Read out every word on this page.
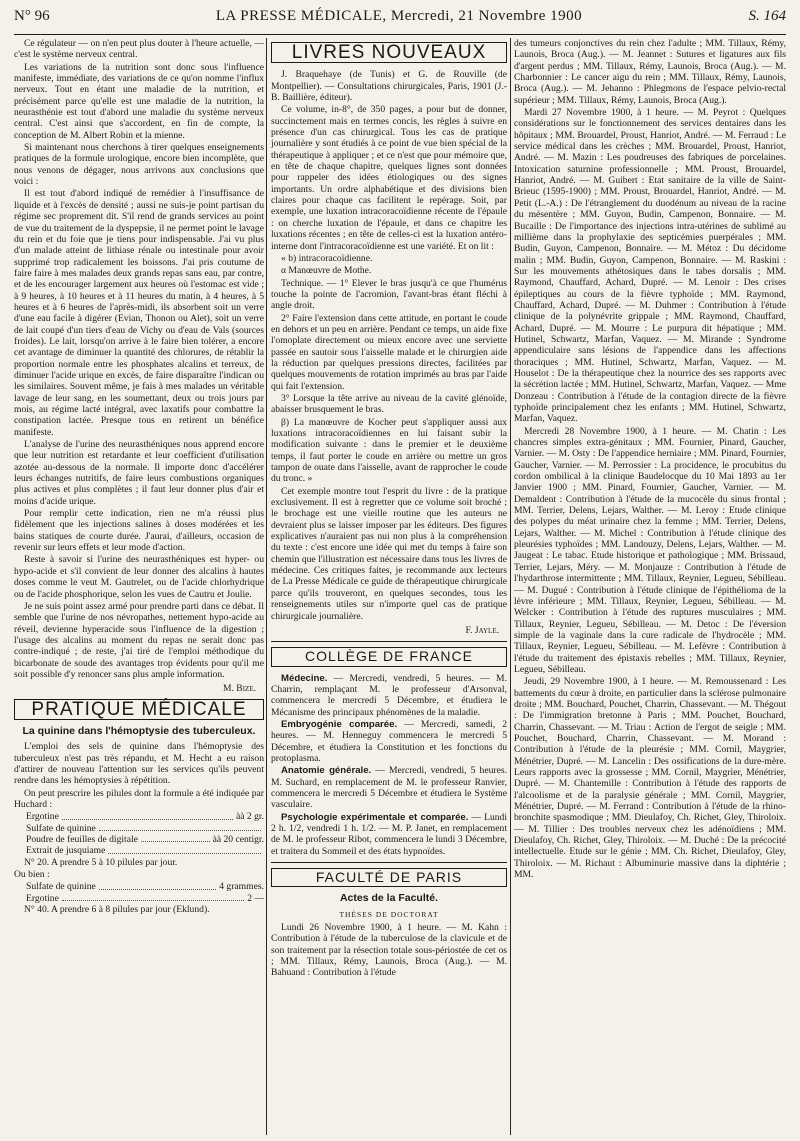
N° 96	LA PRESSE MÉDICALE, Mercredi, 21 Novembre 1900	S. 164

Ce régulateur — on n'en peut plus douter à l'heure actuelle, — c'est le système nerveux central.

Les variations de la nutrition sont donc sous l'influence manifeste, immédiate, des variations de ce qu'on nomme l'influx nerveux. Tout en étant une maladie de la nutrition, et précisément parce qu'elle est une maladie de la nutrition, la neurasthénie est tout d'abord une maladie du système nerveux central. C'est ainsi que s'accordent, en fin de compte, la conception de M. Albert Robin et la mienne.

Si maintenant nous cherchons à tirer quelques enseignements pratiques de la formule urologique, encore bien incomplète, que nous venons de dégager, nous arrivons aux conclusions que voici :

Il est tout d'abord indiqué de remédier à l'insuffisance de liquide et à l'excès de densité ; aussi ne suis-je point partisan du régime sec proprement dit. S'il rend de grands services au point de vue du traitement de la dyspepsie, il ne permet point le lavage du rein et du foie que je tiens pour indispensable. J'ai vu plus d'un malade atteint de lithiase rénale ou intestinale pour avoir supprimé trop radicalement les boissons. J'ai pris coutume de faire faire à mes malades deux grands repas sans eau, par contre, et de les encourager largement aux heures où l'estomac est vide ; à 9 heures, à 10 heures et à 11 heures du matin, à 4 heures, à 5 heures et à 6 heures de l'après-midi, ils absorbent soit un verre d'une eau facile à digérer (Evian, Thonon ou Alet), soit un verre de lait coupé d'un tiers d'eau de Vichy ou d'eau de Vals (sources froides). Le lait, lorsqu'on arrive à le faire bien tolérer, a encore cet avantage de diminuer la quantité des chlorures, de rétablir la proportion normale entre les phosphates alcalins et terreux, de diminuer l'acide urique en excès, de faire disparaître l'indican ou les similaires. Souvent même, je fais à mes malades un véritable lavage de leur sang, en les soumettant, deux ou trois jours par mois, au régime lacté intégral, avec laxatifs pour combattre la constipation lactée. Presque tous en retirent un bénéfice manifeste.

L'analyse de l'urine des neurasthéniques nous apprend encore que leur nutrition est retardante et leur coefficient d'utilisation azotée au-dessous de la normale. Il importe donc d'accélérer leurs échanges nutritifs, de faire leurs combustions organiques plus actives et plus complètes ; il faut leur donner plus d'air et moins d'acide urique.

Pour remplir cette indication, rien ne m'a réussi plus fidèlement que les injections salines à doses modérées et les bains statiques de courte durée. J'aurai, d'ailleurs, occasion de revenir sur leurs effets et leur mode d'action.

Reste à savoir si l'urine des neurasthéniques est hyper- ou hypo-acide et s'il convient de leur donner des alcalins à hautes doses comme le veut M. Gautrelet, ou de l'acide chlorhydrique ou de l'acide phosphorique, selon les vues de Cautru et Joulie.

Je ne suis point assez armé pour prendre parti dans ce débat. Il semble que l'urine de nos névropathes, nettement hypo-acide au réveil, devienne hyperacide sous l'influence de la digestion ; l'usage des alcalins au moment du repas ne serait donc pas contre-indiqué ; de reste, j'ai tiré de l'emploi méthodique du bicarbonate de soude des avantages trop évidents pour qu'il me soit possible d'y renoncer sans plus ample information.

M. Bize.
PRATIQUE MÉDICALE
La quinine dans l'hémoptysie des tuberculeux.

L'emploi des sels de quinine dans l'hémoptysie des tuberculeux n'est pas très répandu, et M. Hecht a eu raison d'attirer de nouveau l'attention sur les services qu'ils peuvent rendre dans les hémoptysies à répétition.

On peut prescrire les pilules dont la formule a été indiquée par Huchard :

Ergotine	àà 2 gr.
Sulfate de quinine
Poudre de feuilles de digitale	àà 20 centigr.
Extrait de jusquiame

N° 20. A prendre 5 à 10 pilules par jour.

Ou bien :

Sulfate de quinine	4 grammes.
Ergotine	2 —

N° 40. A prendre 6 à 8 pilules par jour (Eklund).

LIVRES NOUVEAUX

J. Braquehaye (de Tunis) et G. de Rouville (de Montpellier). — Consultations chirurgicales, Paris, 1901 (J.-B. Baillière, éditeur).

Ce volume, in-8°, de 350 pages, a pour but de donner, succinctement mais en termes concis, les règles à suivre en présence d'un cas chirurgical. Tous les cas de pratique journalière y sont étudiés à ce point de vue bien spécial de la thérapeutique à appliquer ; et ce n'est que pour mémoire que, en tête de chaque chapitre, quelques lignes sont données pour rappeler des idées étiologiques ou des signes importants. Un ordre alphabétique et des divisions bien claires pour chaque cas facilitent le repérage. Soit, par exemple, une luxation intracoracoïdienne récente de l'épaule : on cherche luxation de l'épaule, et dans ce chapitre les luxations récentes ; en tête de celles-ci est la luxation antéro-interne dont l'intracoracoïdienne est une variété. Et on lit :

« b) intracoracoïdienne.

α Manœuvre de Mothe.

Technique. — 1° Elever le bras jusqu'à ce que l'humérus touche la pointe de l'acromion, l'avant-bras étant fléchi à angle droit.

2° Faire l'extension dans cette attitude, en portant le coude en dehors et un peu en arrière. Pendant ce temps, un aide fixe l'omoplate directement ou mieux encore avec une serviette passée en sautoir sous l'aisselle malade et le chirurgien aide la réduction par quelques pressions directes, facilitées par quelques mouvements de rotation imprimés au bras par l'aide qui fait l'extension.

3° Lorsque la tête arrive au niveau de la cavité glénoïde, abaisser brusquement le bras.

β) La manœuvre de Kocher peut s'appliquer aussi aux luxations intracoracoïdiennes en lui faisant subir la modification suivante : dans le premier et le deuxième temps, il faut porter le coude en arrière ou mettre un gros tampon de ouate dans l'aisselle, avant de rapprocher le coude du tronc. »

Cet exemple montre tout l'esprit du livre : de la pratique exclusivement. Il est à regretter que ce volume soit broché ; le brochage est une vieille routine que les auteurs ne devraient plus se laisser imposer par les éditeurs. Des figures explicatives n'auraient pas nui non plus à la compréhension du texte : c'est encore une idée qui met du temps à faire son chemin que l'illustration est nécessaire dans tous les livres de médecine. Ces critiques faites, je recommande aux lecteurs de La Presse Médicale ce guide de thérapeutique chirurgicale parce qu'ils trouveront, en quelques secondes, tous les renseignements utiles sur n'importe quel cas de pratique chirurgicale journalière.

F. Jayle.
COLLÈGE DE FRANCE

Médecine. — Mercredi, vendredi, 5 heures. — M. Charrin, remplaçant M. le professeur d'Arsonval, commencera le mercredi 5 Décembre, et étudiera le Mécanisme des principaux phénomènes de la maladie.

Embryogénie comparée. — Mercredi, samedi, 2 heures. — M. Henneguy commencera le mercredi 5 Décembre, et étudiera la Constitution et les fonctions du protoplasma.

Anatomie générale. — Mercredi, vendredi, 5 heures. M. Suchard, en remplacement de M. le professeur Ranvier, commencera le mercredi 5 Décembre et étudiera le Système vasculaire.

Psychologie expérimentale et comparée. — Lundi 2 h. 1/2, vendredi 1 h. 1/2. — M. P. Janet, en remplacement de M. le professeur Ribot, commencera le lundi 3 Décembre, et traitera du Sommeil et des états hypnoïdes.

FACULTÉ DE PARIS
Actes de la Faculté.
THÈSES DE DOCTORAT

Lundi 26 Novembre 1900, à 1 heure. — M. Kahn : Contribution à l'étude de la tuberculose de la clavicule et de son traitement par la résection totale sous-périostée de cet os ; MM. Tillaux, Rémy, Launois, Broca (Aug.). — M. Bahuand : Contribution à l'étude

des tumeurs conjonctives du rein chez l'adulte ; MM. Tillaux, Rémy, Launois, Broca (Aug.). — M. Jeannet : Sutures et ligatures aux fils d'argent perdus ; MM. Tillaux, Rémy, Launois, Broca (Aug.). — M. Charbonnier : Le cancer aigu du rein ; MM. Tillaux, Rémy, Launois, Broca (Aug.). — M. Jehanno : Phlegmons de l'espace pelvio-rectal supérieur ; MM. Tillaux, Rémy, Launois, Broca (Aug.).

Mardi 27 Novembre 1900, à 1 heure. — M. Peyrot : Quelques considérations sur le fonctionnement des services dentaires dans les hôpitaux ; MM. Brouardel, Proust, Hanriot, André. — M. Ferraud : Le service médical dans les crèches ; MM. Brouardel, Proust, Hanriot, André. — M. Mazin : Les poudreuses des fabriques de porcelaines. Intoxication saturnine professionnelle ; MM. Proust, Brouardel, Hanriot, André. — M. Guibert : Etat sanitaire de la ville de Saint-Brieuc (1595-1900) ; MM. Proust, Brouardel, Hanriot, André. — M. Petit (L.-A.) : De l'étranglement du duodénum au niveau de la racine du mésentère ; MM. Guyon, Budin, Campenon, Bonnaire. — M. Bucaille : De l'importance des injections intra-utérines de sublimé au millième dans la prophylaxie des septicémies puerpérales ; MM. Budin, Guyon, Campenon, Bonnaire. — M. Métoz : Du décidome malin ; MM. Budin, Guyon, Campenon, Bonnaire. — M. Raskini : Sur les mouvements athétosiques dans le tabes dorsalis ; MM. Raymond, Chauffard, Achard, Dupré. — M. Lenoir : Des crises épileptiques au cours de la fièvre typhoïde ; MM. Raymond, Chauffard, Achard, Dupré. — M. Duhmer : Contribution à l'étude clinique de la polynévrite grippale ; MM. Raymond, Chauffard, Achard, Dupré. — M. Mourre : Le purpura dit hépatique ; MM. Hutinel, Schwartz, Marfan, Vaquez. — M. Mirande : Syndrome appendiculaire sans lésions de l'appendice dans les affections thoraciques ; MM. Hutinel, Schwartz, Marfan, Vaquez. — M. Houselot : De la thérapeutique chez la nourrice des ses rapports avec la sécrétion lactée ; MM. Hutinel, Schwartz, Marfan, Vaquez. — Mme Donzeau : Contribution à l'étude de la contagion directe de la fièvre typhoïde principalement chez les enfants ; MM. Hutinel, Schwartz, Marfan, Vaquez.

Mercredi 28 Novembre 1900, à 1 heure. — M. Chatin : Les chancres simples extra-génitaux ; MM. Fournier, Pinard, Gaucher, Varnier. — M. Osty : De l'appendice herniaire ; MM. Pinard, Fournier, Gaucher, Varnier. — M. Perrossier : La procidence, le procubitus du cordon ombilical à la clinique Baudelocque du 10 Mai 1893 au 1er Janvier 1900 ; MM. Pinard, Fournier, Gaucher, Varnier. — M. Demaldent : Contribution à l'étude de la mucocèle du sinus frontal ; MM. Terrier, Delens, Lejars, Walther. — M. Leroy : Etude clinique des polypes du méat urinaire chez la femme ; MM. Terrier, Delens, Lejars, Walther. — M. Michel : Contribution à l'étude clinique des pleurésies typhoïdes ; MM. Landouzy, Delens, Lejars, Walther. — M. Jaugeat : Le tabac. Etude historique et pathologique ; MM. Brissaud, Terrier, Lejars, Méry. — M. Monjauze : Contribution à l'étude de l'hydarthrose intermittente ; MM. Tillaux, Reynier, Legueu, Sébilleau. — M. Dugué : Contribution à l'étude clinique de l'épithélioma de la lèvre inférieure ; MM. Tillaux, Reynier, Legueu, Sébilleau. — M. Welcker : Contribution à l'étude des ruptures musculaires ; MM. Tillaux, Reynier, Legueu, Sébilleau. — M. Detoc : De l'éversion simple de la vaginale dans la cure radicale de l'hydrocèle ; MM. Tillaux, Reynier, Legueu, Sébilleau. — M. Lefèvre : Contribution à l'étude du traitement des épistaxis rebelles ; MM. Tillaux, Reynier, Legueu, Sébilleau.

Jeudi, 29 Novembre 1900, à 1 heure. — M. Remoussenard : Les battements du cœur à droite, en particulier dans la sclérose pulmonaire droite ; MM. Bouchard, Pouchet, Charrin, Chassevant. — M. Thégout : De l'immigration bretonne à Paris ; MM. Pouchet, Bouchard, Charrin, Chassevant. — M. Triau : Action de l'ergot de seigle ; MM. Pouchet, Bouchard, Charrin, Chassevant. — M. Morand : Contribution à l'étude de la pleurésie ; MM. Cornil, Maygrier, Ménétrier, Dupré. — M. Lancelin : Des ossifications de la dure-mère. Leurs rapports avec la grossesse ; MM. Cornil, Maygrier, Ménétrier, Dupré. — M. Chantemille : Contribution à l'étude des rapports de l'alcoolisme et de la paralysie générale ; MM. Cornil, Maygrier, Ménétrier, Dupré. — M. Ferrand : Contribution à l'étude de la rhino-bronchite spasmodique ; MM. Dieulafoy, Ch. Richet, Gley, Thiroloix. — M. Tillier : Des troubles nerveux chez les adénoïdiens ; MM. Dieulafoy, Ch. Richet, Gley, Thiroloix. — M. Duché : De la précocité intellectuelle. Etude sur le génie ; MM. Ch. Richet, Dieulafoy, Gley, Thiroloix. — M. Richaut : Albuminurie massive dans la diphtérie ; MM.
